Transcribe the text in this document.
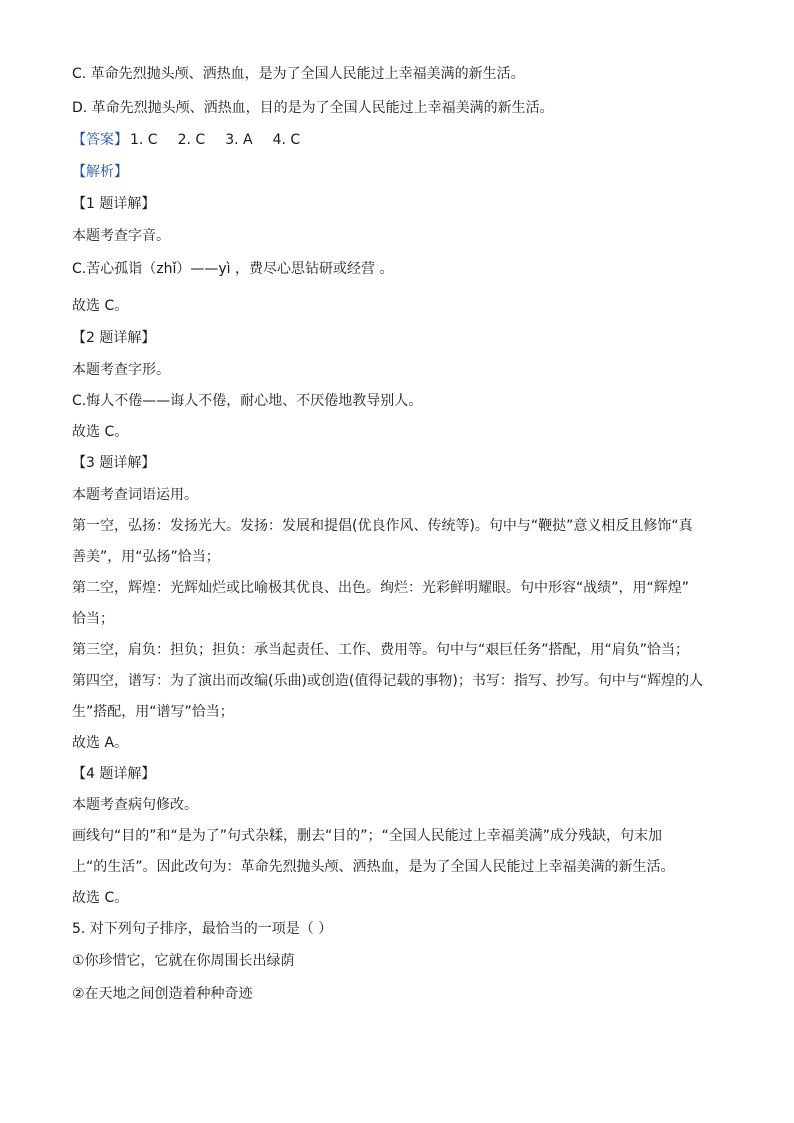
C. 革命先烈抛头颅、洒热血，是为了全国人民能过上幸福美满的新生活。
D. 革命先烈抛头颅、洒热血，目的是为了全国人民能过上幸福美满的新生活。
【答案】 1. C 2. C 3. A 4. C
【解析】
【1 题详解】
本题考查字音。
C.苦心孤诣（zhǐ）——yì ，费尽心思钻研或经营 。
故选 C。
【2 题详解】
本题考查字形。
C.悔人不倦——诲人不倦，耐心地、不厌倦地教导别人。
故选 C。
【3 题详解】
本题考查词语运用。
第一空，弘扬：发扬光大。发扬：发展和提倡(优良作风、传统等)。句中与“鞭挞”意义相反且修饰“真
善美”，用“弘扬”恰当；
第二空，辉煌：光辉灿烂或比喻极其优良、出色。绚烂：光彩鲜明耀眼。句中形容“战绩”，用“辉煌”
恰当；
第三空，肩负：担负；担负：承当起责任、工作、费用等。句中与“艰巨任务”搭配，用“肩负”恰当；
第四空，谱写：为了演出而改编(乐曲)或创造(值得记载的事物)；书写：指写、抄写。句中与“辉煌的人
生”搭配，用“谱写”恰当；
故选 A。
【4 题详解】
本题考查病句修改。
画线句“目的”和“是为了”句式杂糅，删去“目的”；“全国人民能过上幸福美满”成分残缺，句末加
上“的生活”。因此改句为：革命先烈抛头颅、洒热血，是为了全国人民能过上幸福美满的新生活。
故选 C。
5. 对下列句子排序，最恰当的一项是（ ）
①你珍惜它，它就在你周围长出绿荫
②在天地之间创造着种种奇迹
